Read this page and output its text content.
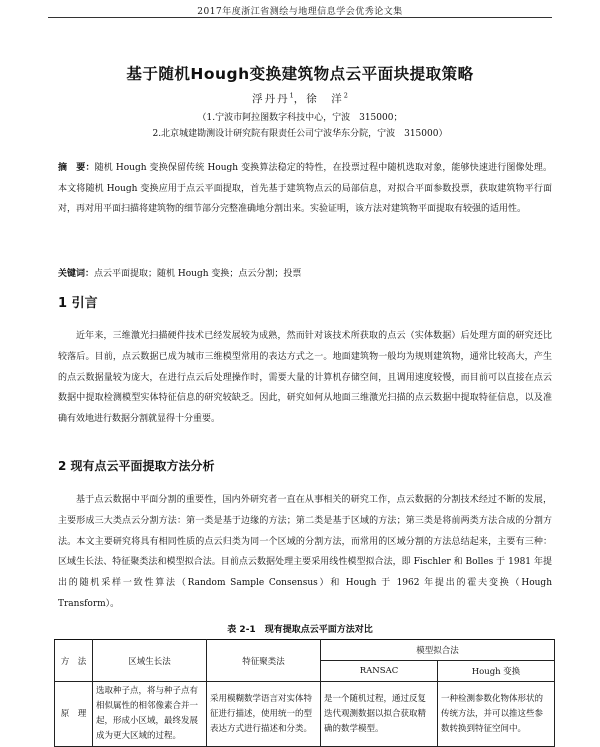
2017年度浙江省测绘与地理信息学会优秀论文集
基于随机Hough变换建筑物点云平面块提取策略
浮丹丹$^1$，徐　洋$^2$
（1.宁波市阿拉图数字科技中心，宁波　315000；
2.北京城建勘测设计研究院有限责任公司宁波华东分院，宁波　315000）
摘　要：随机 Hough 变换保留传统 Hough 变换算法稳定的特性，在投票过程中随机选取对象，能够快速进行图像处理。本文将随机 Hough 变换应用于点云平面提取，首先基于建筑物点云的局部信息，对拟合平面参数投票，获取建筑物平行面对，再对用平面扫描将建筑物的细节部分完整准确地分割出来。实验证明，该方法对建筑物平面提取有较强的适用性。
关键词：点云平面提取；随机 Hough 变换；点云分割；投票
1 引言
近年来，三维激光扫描硬件技术已经发展较为成熟，然而针对该技术所获取的点云（实体数据）后处理方面的研究还比较落后。目前，点云数据已成为城市三维模型常用的表达方式之一。地面建筑物一般均为规则建筑物，通常比较高大，产生的点云数据量较为庞大，在进行点云后处理操作时，需要大量的计算机存储空间，且调用速度较慢，而目前可以直接在点云数据中提取检测模型实体特征信息的研究较缺乏。因此，研究如何从地面三维激光扫描的点云数据中提取特征信息，以及准确有效地进行数据分割就显得十分重要。
2 现有点云平面提取方法分析
基于点云数据中平面分割的重要性，国内外研究者一直在从事相关的研究工作，点云数据的分割技术经过不断的发展，主要形成三大类点云分割方法：第一类是基于边缘的方法；第二类是基于区域的方法；第三类是将前两类方法合成的分割方法。本文主要研究将具有相同性质的点云归类为同一个区域的分割方法，而常用的区域分割的方法总结起来，主要有三种：区域生长法、特征聚类法和模型拟合法。目前点云数据处理主要采用线性模型拟合法，即 Fischler 和 Bolles 于 1981 年提出的随机采样一致性算法（Random Sample Consensus）和 Hough 于 1962 年提出的霍夫变换（Hough Transform）。
表 2-1　现有提取点云平面方法对比
方　法	区域生长法	特征聚类法	模型拟合法	
			RANSAC	Hough 变换
原　理	选取种子点，将与种子点有相似属性的相邻像素合并一起，形成小区域，最终发展成为更大区域的过程。	采用模糊数学语言对实体特征进行描述，使用统一的型表达方式进行描述和分类。	是一个随机过程，通过反复迭代观测数据以拟合获取精确的数学模型。	一种检测参数化物体形状的传统方法，并可以推这些参数转换到特征空间中。
